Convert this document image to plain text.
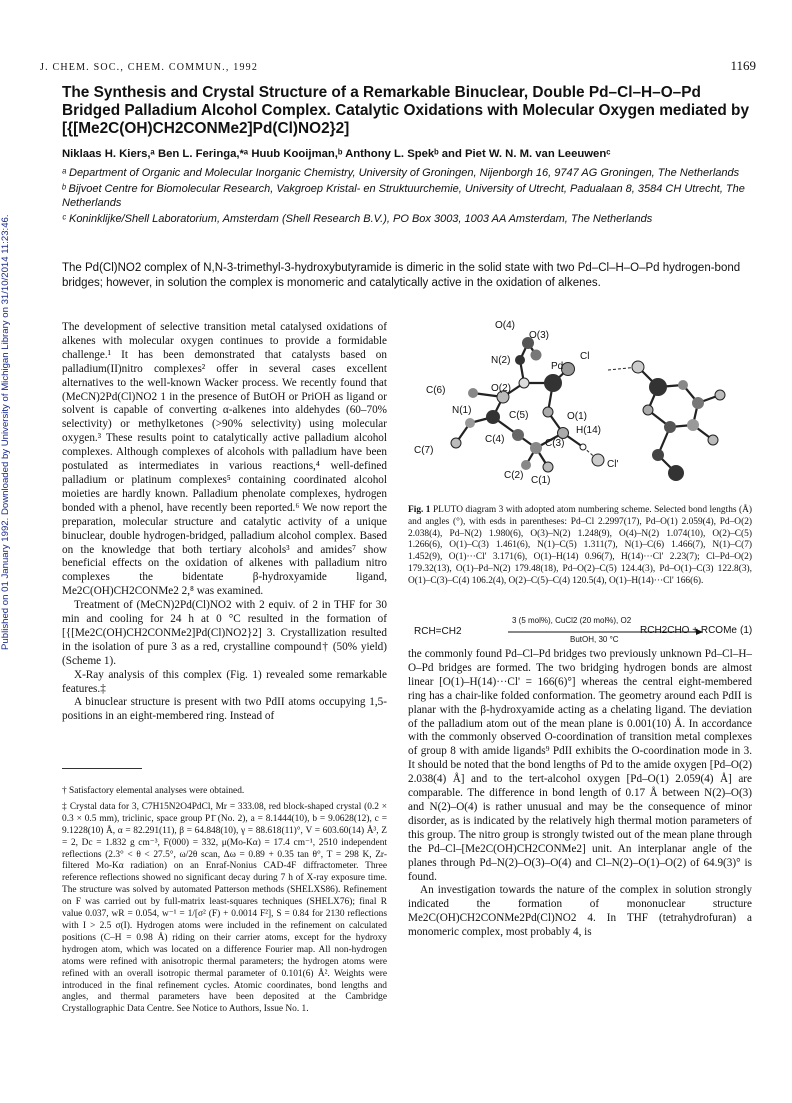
Published on 01 January 1992. Downloaded by University of Michigan Library on 31/10/2014 11:23:46.
J. CHEM. SOC., CHEM. COMMUN., 1992	1169
The Synthesis and Crystal Structure of a Remarkable Binuclear, Double Pd–Cl–H–O–Pd Bridged Palladium Alcohol Complex. Catalytic Oxidations with Molecular Oxygen mediated by [{[Me2C(OH)CH2CONMe2]Pd(Cl)NO2}2]
Niklaas H. Kiers,ᵃ Ben L. Feringa,*ᵃ Huub Kooijman,ᵇ Anthony L. Spekᵇ and Piet W. N. M. van Leeuwenᶜ

ᵃ Department of Organic and Molecular Inorganic Chemistry, University of Groningen, Nijenborgh 16, 9747 AG Groningen, The Netherlands

ᵇ Bijvoet Centre for Biomolecular Research, Vakgroep Kristal- en Struktuurchemie, University of Utrecht, Padualaan 8, 3584 CH Utrecht, The Netherlands

ᶜ Koninklijke/Shell Laboratorium, Amsterdam (Shell Research B.V.), PO Box 3003, 1003 AA Amsterdam, The Netherlands

The Pd(Cl)NO2 complex of N,N-3-trimethyl-3-hydroxybutyramide is dimeric in the solid state with two Pd–Cl–H–O–Pd hydrogen-bond bridges; however, in solution the complex is monomeric and catalytically active in the oxidation of alkenes.

The development of selective transition metal catalysed oxidations of alkenes with molecular oxygen continues to provide a formidable challenge.¹ It has been demonstrated that catalysts based on palladium(II)nitro complexes² offer in several cases excellent alternatives to the well-known Wacker process. We recently found that (MeCN)2Pd(Cl)NO2 1 in the presence of ButOH or PriOH as ligand or solvent is capable of converting α-alkenes into aldehydes (60–70% selectivity) or methylketones (>90% selectivity) using molecular oxygen.³ These results point to catalytically active palladium alcohol complexes. Although complexes of alcohols with palladium have been postulated as intermediates in various reactions,⁴ well-defined palladium or platinum complexes⁵ containing coordinated alcohol moieties are hardly known. Palladium phenolate complexes, hydrogen bonded with a phenol, have recently been reported.⁶ We now report the preparation, molecular structure and catalytic activity of a unique binuclear, double hydrogen-bridged, palladium alcohol complex. Based on the knowledge that both tertiary alcohols³ and amides⁷ show beneficial effects on the oxidation of alkenes with palladium nitro complexes the bidentate β-hydroxyamide ligand, Me2C(OH)CH2CONMe2 2,⁸ was examined.

Treatment of (MeCN)2Pd(Cl)NO2 with 2 equiv. of 2 in THF for 30 min and cooling for 24 h at 0 °C resulted in the formation of [{[Me2C(OH)CH2CONMe2]Pd(Cl)NO2}2] 3. Crystallization resulted in the isolation of pure 3 as a red, crystalline compound† (50% yield) (Scheme 1).

X-Ray analysis of this complex (Fig. 1) revealed some remarkable features.‡

A binuclear structure is present with two PdII atoms occupying 1,5-positions in an eight-membered ring. Instead of

† Satisfactory elemental analyses were obtained.

‡ Crystal data for 3, C7H15N2O4PdCl, Mr = 333.08, red block-shaped crystal (0.2 × 0.3 × 0.5 mm), triclinic, space group P1̄ (No. 2), a = 8.1444(10), b = 9.0628(12), c = 9.1228(10) Å, α = 82.291(11), β = 64.848(10), γ = 88.618(11)°, V = 603.60(14) Å³, Z = 2, Dc = 1.832 g cm⁻³, F(000) = 332, μ(Mo-Kα) = 17.4 cm⁻¹, 2510 independent reflections (2.3° < θ < 27.5°, ω/2θ scan, Δω = 0.89 + 0.35 tan θ°, T = 298 K, Zr-filtered Mo-Kα radiation) on an Enraf-Nonius CAD-4F diffractometer. Three reference reflections showed no significant decay during 7 h of X-ray exposure time. The structure was solved by automated Patterson methods (SHELXS86). Refinement on F was carried out by full-matrix least-squares techniques (SHELX76); final R value 0.037, wR = 0.054, w⁻¹ = 1/[σ² (F) + 0.0014 F²], S = 0.84 for 2130 reflections with I > 2.5 σ(I). Hydrogen atoms were included in the refinement on calculated positions (C–H = 0.98 Å) riding on their carrier atoms, except for the hydroxy hydrogen atom, which was located on a difference Fourier map. All non-hydrogen atoms were refined with anisotropic thermal parameters; the hydrogen atoms were refined with an overall isotropic thermal parameter of 0.101(6) Å². Weights were introduced in the final refinement cycles. Atomic coordinates, bond lengths and angles, and thermal parameters have been deposited at the Cambridge Crystallographic Data Centre. See Notice to Authors, Issue No. 1.

O(4)
O(3)
N(2)
Pd
Cl
C(6)	O(2)
N(1)	C(5)	O(1)
C(4)	C(3)
H(14)
C(7)
C(2) C(1)
Cl'
Fig. 1 PLUTO diagram 3 with adopted atom numbering scheme. Selected bond lengths (Å) and angles (°), with esds in parentheses: Pd–Cl 2.2997(17), Pd–O(1) 2.059(4), Pd–O(2) 2.038(4), Pd–N(2) 1.980(6), O(3)–N(2) 1.248(9), O(4)–N(2) 1.074(10), O(2)–C(5) 1.266(6), O(1)–C(3) 1.461(6), N(1)–C(5) 1.311(7), N(1)–C(6) 1.466(7), N(1)–C(7) 1.452(9), O(1)···Cl' 3.171(6), O(1)–H(14) 0.96(7), H(14)···Cl' 2.23(7); Cl–Pd–O(2) 179.32(13), O(1)–Pd–N(2) 179.48(18), Pd–O(2)–C(5) 124.4(3), Pd–O(1)–C(3) 122.8(3), O(1)–C(3)–C(4) 106.2(4), O(2)–C(5)–C(4) 120.5(4), O(1)–H(14)···Cl' 166(6).
RCH=CH2
3 (5 mol%), CuCl2 (20 mol%), O2
ButOH, 30 °C
RCH2CHO + RCOMe (1)

the commonly found Pd–Cl–Pd bridges two previously unknown Pd–Cl–H–O–Pd bridges are formed. The two bridging hydrogen bonds are almost linear [O(1)–H(14)···Cl' = 166(6)°] whereas the central eight-membered ring has a chair-like folded conformation. The geometry around each PdII is planar with the β-hydroxyamide acting as a chelating ligand. The deviation of the palladium atom out of the mean plane is 0.001(10) Å. In accordance with the commonly observed O-coordination of transition metal complexes of group 8 with amide ligands⁹ PdII exhibits the O-coordination mode in 3. It should be noted that the bond lengths of Pd to the amide oxygen [Pd–O(2) 2.038(4) Å] and to the tert-alcohol oxygen [Pd–O(1) 2.059(4) Å] are comparable. The difference in bond length of 0.17 Å between N(2)–O(3) and N(2)–O(4) is rather unusual and may be the consequence of minor disorder, as is indicated by the relatively high thermal motion parameters of this group. The nitro group is strongly twisted out of the mean plane through the Pd–Cl–[Me2C(OH)CH2CONMe2] unit. An interplanar angle of the planes through Pd–N(2)–O(3)–O(4) and Cl–N(2)–O(1)–O(2) of 64.9(3)° is found.

An investigation towards the nature of the complex in solution strongly indicated the formation of mononuclear structure Me2C(OH)CH2CONMe2Pd(Cl)NO2 4. In THF (tetrahydrofuran) a monomeric complex, most probably 4, is
